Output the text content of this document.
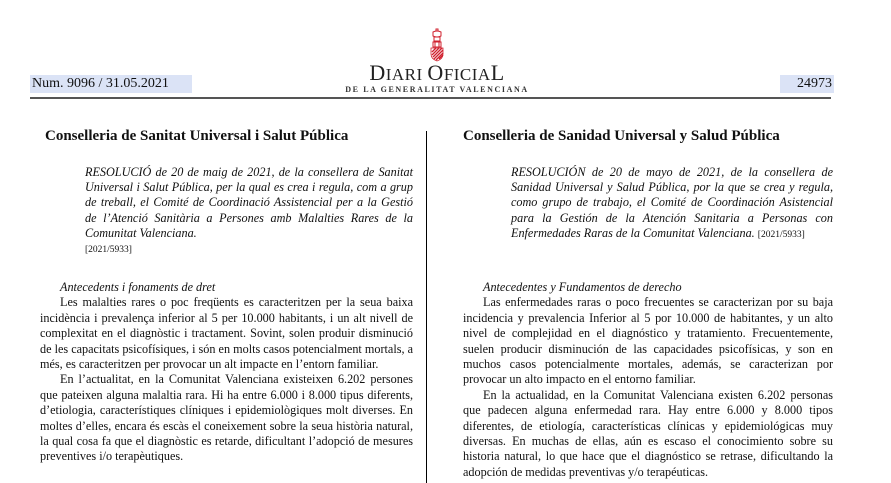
Num. 9096 / 31.05.2021	DIARI OFICIAL
DE LA GENERALITAT VALENCIANA	24973
Conselleria de Sanitat Universal i Salut Pública
RESOLUCIÓ de 20 de maig de 2021, de la consellera de Sanitat Universal i Salut Pública, per la qual es crea i regula, com a grup de treball, el Comité de Coordinació Assistencial per a la Gestió de l’Atenció Sanitària a Persones amb Malalties Rares de la Comunitat Valenciana.
[2021/5933]
Antecedents i fonaments de dret

Les malalties rares o poc freqüents es caracteritzen per la seua baixa incidència i prevalença inferior al 5 per 10.000 habitants, i un alt nivell de complexitat en el diagnòstic i tractament. Sovint, solen produir disminució de les capacitats psicofísiques, i són en molts casos potencialment mortals, a més, es caracteritzen per provocar un alt impacte en l’entorn familiar.

En l’actualitat, en la Comunitat Valenciana existeixen 6.202 persones que pateixen alguna malaltia rara. Hi ha entre 6.000 i 8.000 tipus diferents, d’etiologia, característiques clíniques i epidemiològiques molt diverses. En moltes d’elles, encara és escàs el coneixement sobre la seua història natural, la qual cosa fa que el diagnòstic es retarde, dificultant l’adopció de mesures preventives i/o terapèutiques.

Conselleria de Sanidad Universal y Salud Pública
RESOLUCIÓN de 20 de mayo de 2021, de la consellera de Sanidad Universal y Salud Pública, por la que se crea y regula, como grupo de trabajo, el Comité de Coordinación Asistencial para la Gestión de la Atención Sanitaria a Personas con Enfermedades Raras de la Comunitat Valenciana. [2021/5933]
Antecedentes y Fundamentos de derecho

Las enfermedades raras o poco frecuentes se caracterizan por su baja incidencia y prevalencia Inferior al 5 por 10.000 de habitantes, y un alto nivel de complejidad en el diagnóstico y tratamiento. Frecuentemente, suelen producir disminución de las capacidades psicofísicas, y son en muchos casos potencialmente mortales, además, se caracterizan por provocar un alto impacto en el entorno familiar.

En la actualidad, en la Comunitat Valenciana existen 6.202 personas que padecen alguna enfermedad rara. Hay entre 6.000 y 8.000 tipos diferentes, de etiología, características clínicas y epidemiológicas muy diversas. En muchas de ellas, aún es escaso el conocimiento sobre su historia natural, lo que hace que el diagnóstico se retrase, dificultando la adopción de medidas preventivas y/o terapéuticas.
